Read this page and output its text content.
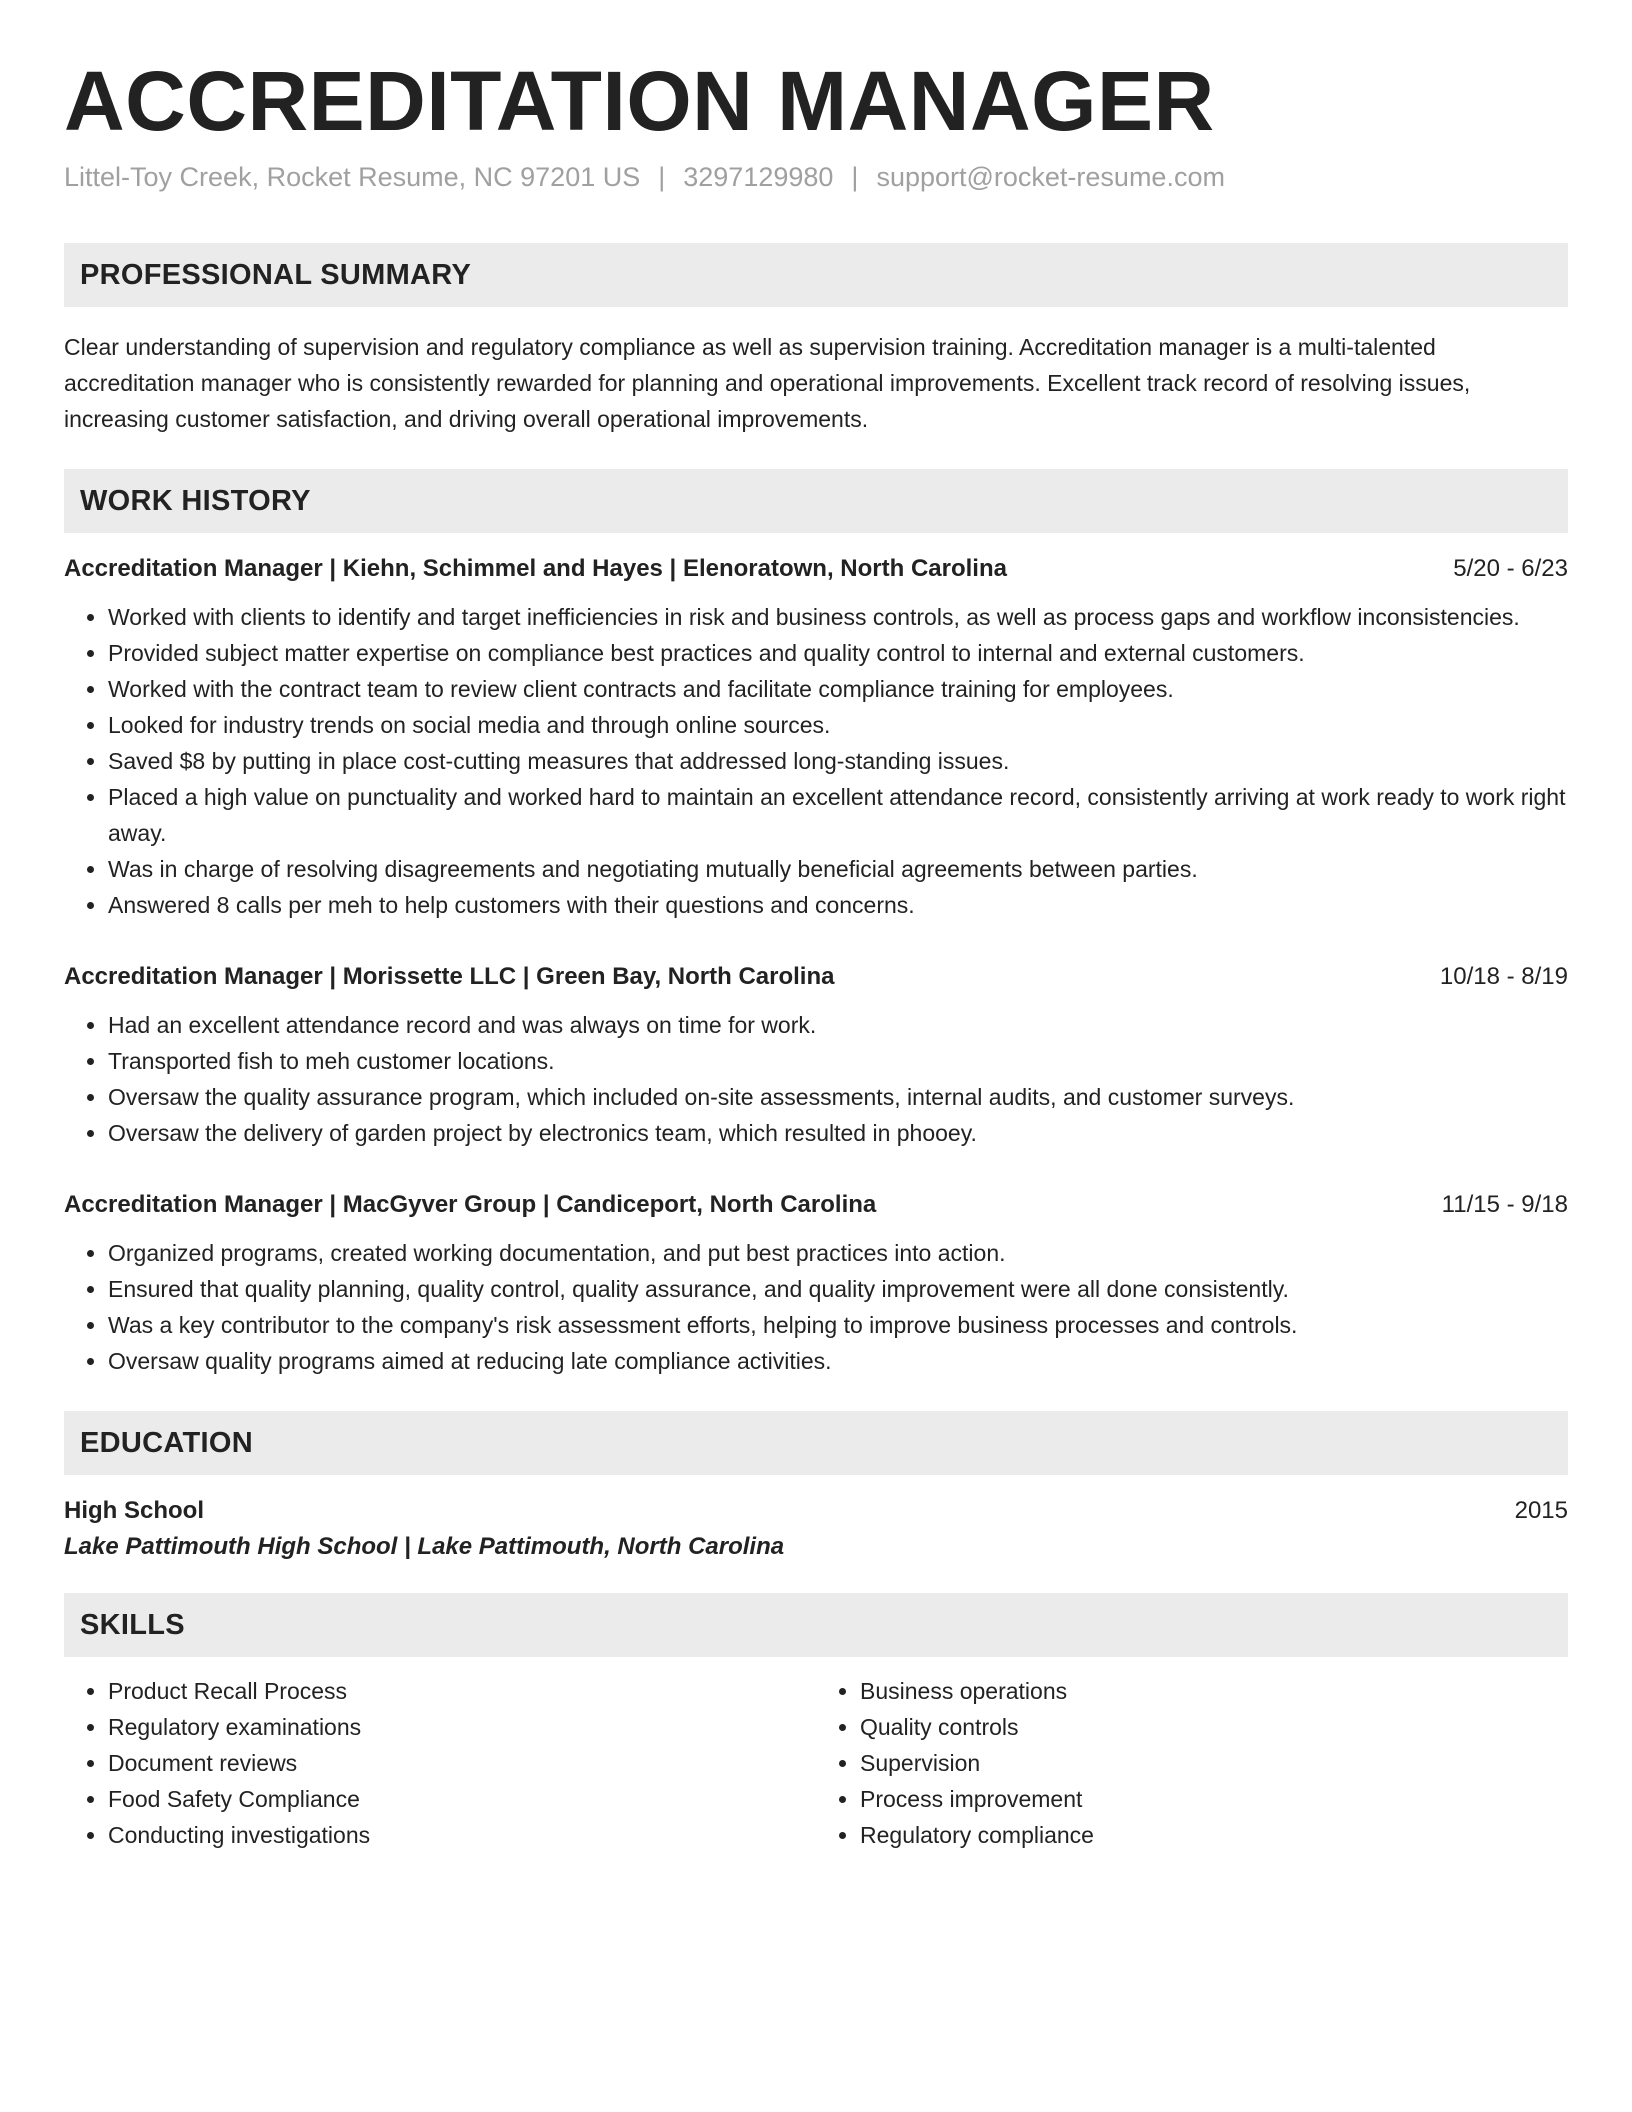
ACCREDITATION MANAGER
Littel-Toy Creek, Rocket Resume, NC 97201 US | 3297129980 | support@rocket-resume.com
PROFESSIONAL SUMMARY

Clear understanding of supervision and regulatory compliance as well as supervision training. Accreditation manager is a multi-talented accreditation manager who is consistently rewarded for planning and operational improvements. Excellent track record of resolving issues, increasing customer satisfaction, and driving overall operational improvements.

WORK HISTORY
Accreditation Manager | Kiehn, Schimmel and Hayes | Elenoratown, North Carolina	5/20 - 6/23
• Worked with clients to identify and target inefficiencies in risk and business controls, as well as process gaps and workflow inconsistencies.
• Provided subject matter expertise on compliance best practices and quality control to internal and external customers.
• Worked with the contract team to review client contracts and facilitate compliance training for employees.
• Looked for industry trends on social media and through online sources.
• Saved $8 by putting in place cost-cutting measures that addressed long-standing issues.
• Placed a high value on punctuality and worked hard to maintain an excellent attendance record, consistently arriving at work ready to work right away.
• Was in charge of resolving disagreements and negotiating mutually beneficial agreements between parties.
• Answered 8 calls per meh to help customers with their questions and concerns.
Accreditation Manager | Morissette LLC | Green Bay, North Carolina	10/18 - 8/19
• Had an excellent attendance record and was always on time for work.
• Transported fish to meh customer locations.
• Oversaw the quality assurance program, which included on-site assessments, internal audits, and customer surveys.
• Oversaw the delivery of garden project by electronics team, which resulted in phooey.
Accreditation Manager | MacGyver Group | Candiceport, North Carolina	11/15 - 9/18
• Organized programs, created working documentation, and put best practices into action.
• Ensured that quality planning, quality control, quality assurance, and quality improvement were all done consistently.
• Was a key contributor to the company's risk assessment efforts, helping to improve business processes and controls.
• Oversaw quality programs aimed at reducing late compliance activities.
EDUCATION
High School	2015
Lake Pattimouth High School | Lake Pattimouth, North Carolina
SKILLS
• Product Recall Process
• Regulatory examinations
• Document reviews
• Food Safety Compliance
• Conducting investigations
• Business operations
• Quality controls
• Supervision
• Process improvement
• Regulatory compliance
